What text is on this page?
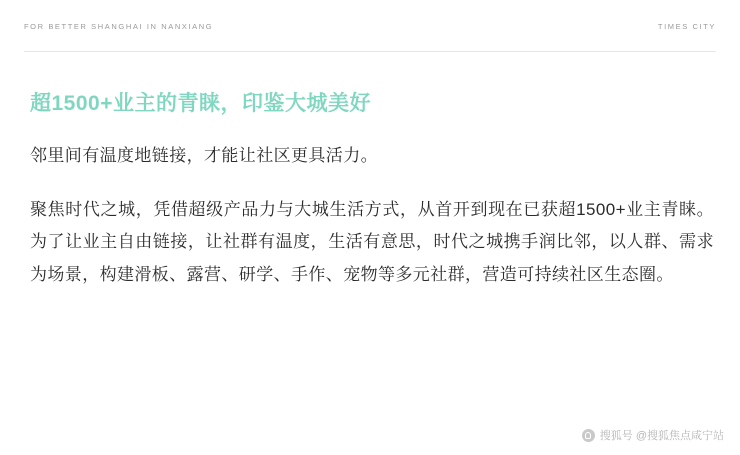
FOR BETTER SHANGHAI IN NANXIANG	TIMES CITY
超1500+业主的青睐，印鉴大城美好

邻里间有温度地链接，才能让社区更具活力。

聚焦时代之城，凭借超级产品力与大城生活方式，从首开到现在已获超1500+业主青睐。为了让业主自由链接，让社群有温度，生活有意思，时代之城携手润比邻，以人群、需求为场景，构建滑板、露营、研学、手作、宠物等多元社群，营造可持续社区生态圈。

搜狐号 @搜狐焦点咸宁站
